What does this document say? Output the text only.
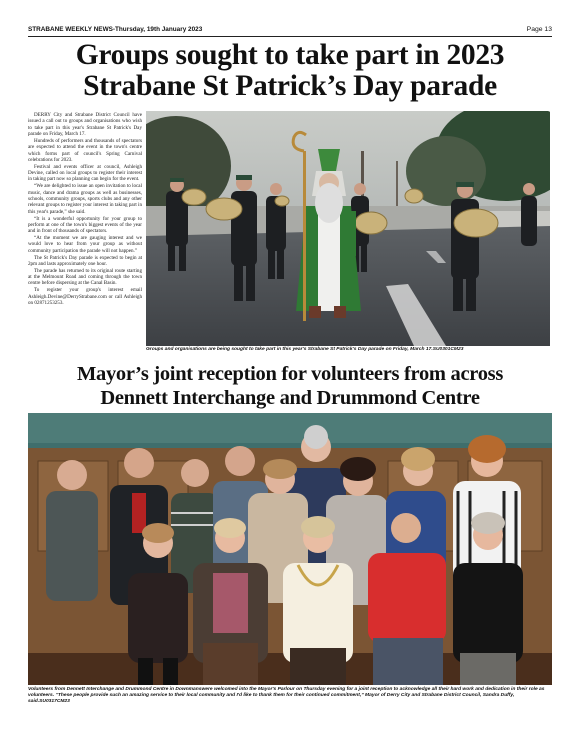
STRABANE WEEKLY NEWS-Thursday, 19th January 2023	Page 13
Groups sought to take part in 2023
Strabane St Patrick’s Day parade

DERRY City and Strabane District Council have issued a call out to groups and organisations who wish to take part in this year's Strabane St Patrick's Day parade on Friday, March 17.

Hundreds of performers and thousands of spectators are expected to attend the event in the town's centre which forms part of council's Spring Carnival celebrations for 2023.

Festival and events officer at council, Ashleigh Devine, called on local groups to register their interest in taking part now so planning can begin for the event.

“We are delighted to issue an open invitation to local music, dance and drama groups as well as businesses, schools, community groups, sports clubs and any other relevant groups to register your interest in taking part in this year's parade,” she said.

“It is a wonderful opportunity for your group to perform at one of the town's biggest events of the year and in front of thousands of spectators.

“At the moment we are gauging interest and we would love to hear from your group as without community participation the parade will not happen.”

The St Patrick's Day parade is expected to begin at 2pm and lasts approximately one hour.

The parade has returned to its original route starting at the Melmount Road and coming through the town centre before dispersing at the Canal Basin.

To register your group's interest email Ashleigh.Devine@DerryStrabane.com or call Ashleigh on 02871253253.

Groups and organisations are being sought to take part in this year's Strabane St Patrick's Day parade on Friday, March 17.SU0301CM23
Mayor’s joint reception for volunteers from across
Dennett Interchange and Drummond Centre
Volunteers from Dennett Interchange and Drummond Centre in Downmanswere welcomed into the Mayor's Parlour on Thursday evening for a joint reception to acknowledge all their hard work and dedication in their role as volunteers. “These people provide such an amazing service to their local community and I'd like to thank them for their continued commitment,” Mayor of Derry City and Strabane District Council, Sandra Duffy, said.SU0317CM23
